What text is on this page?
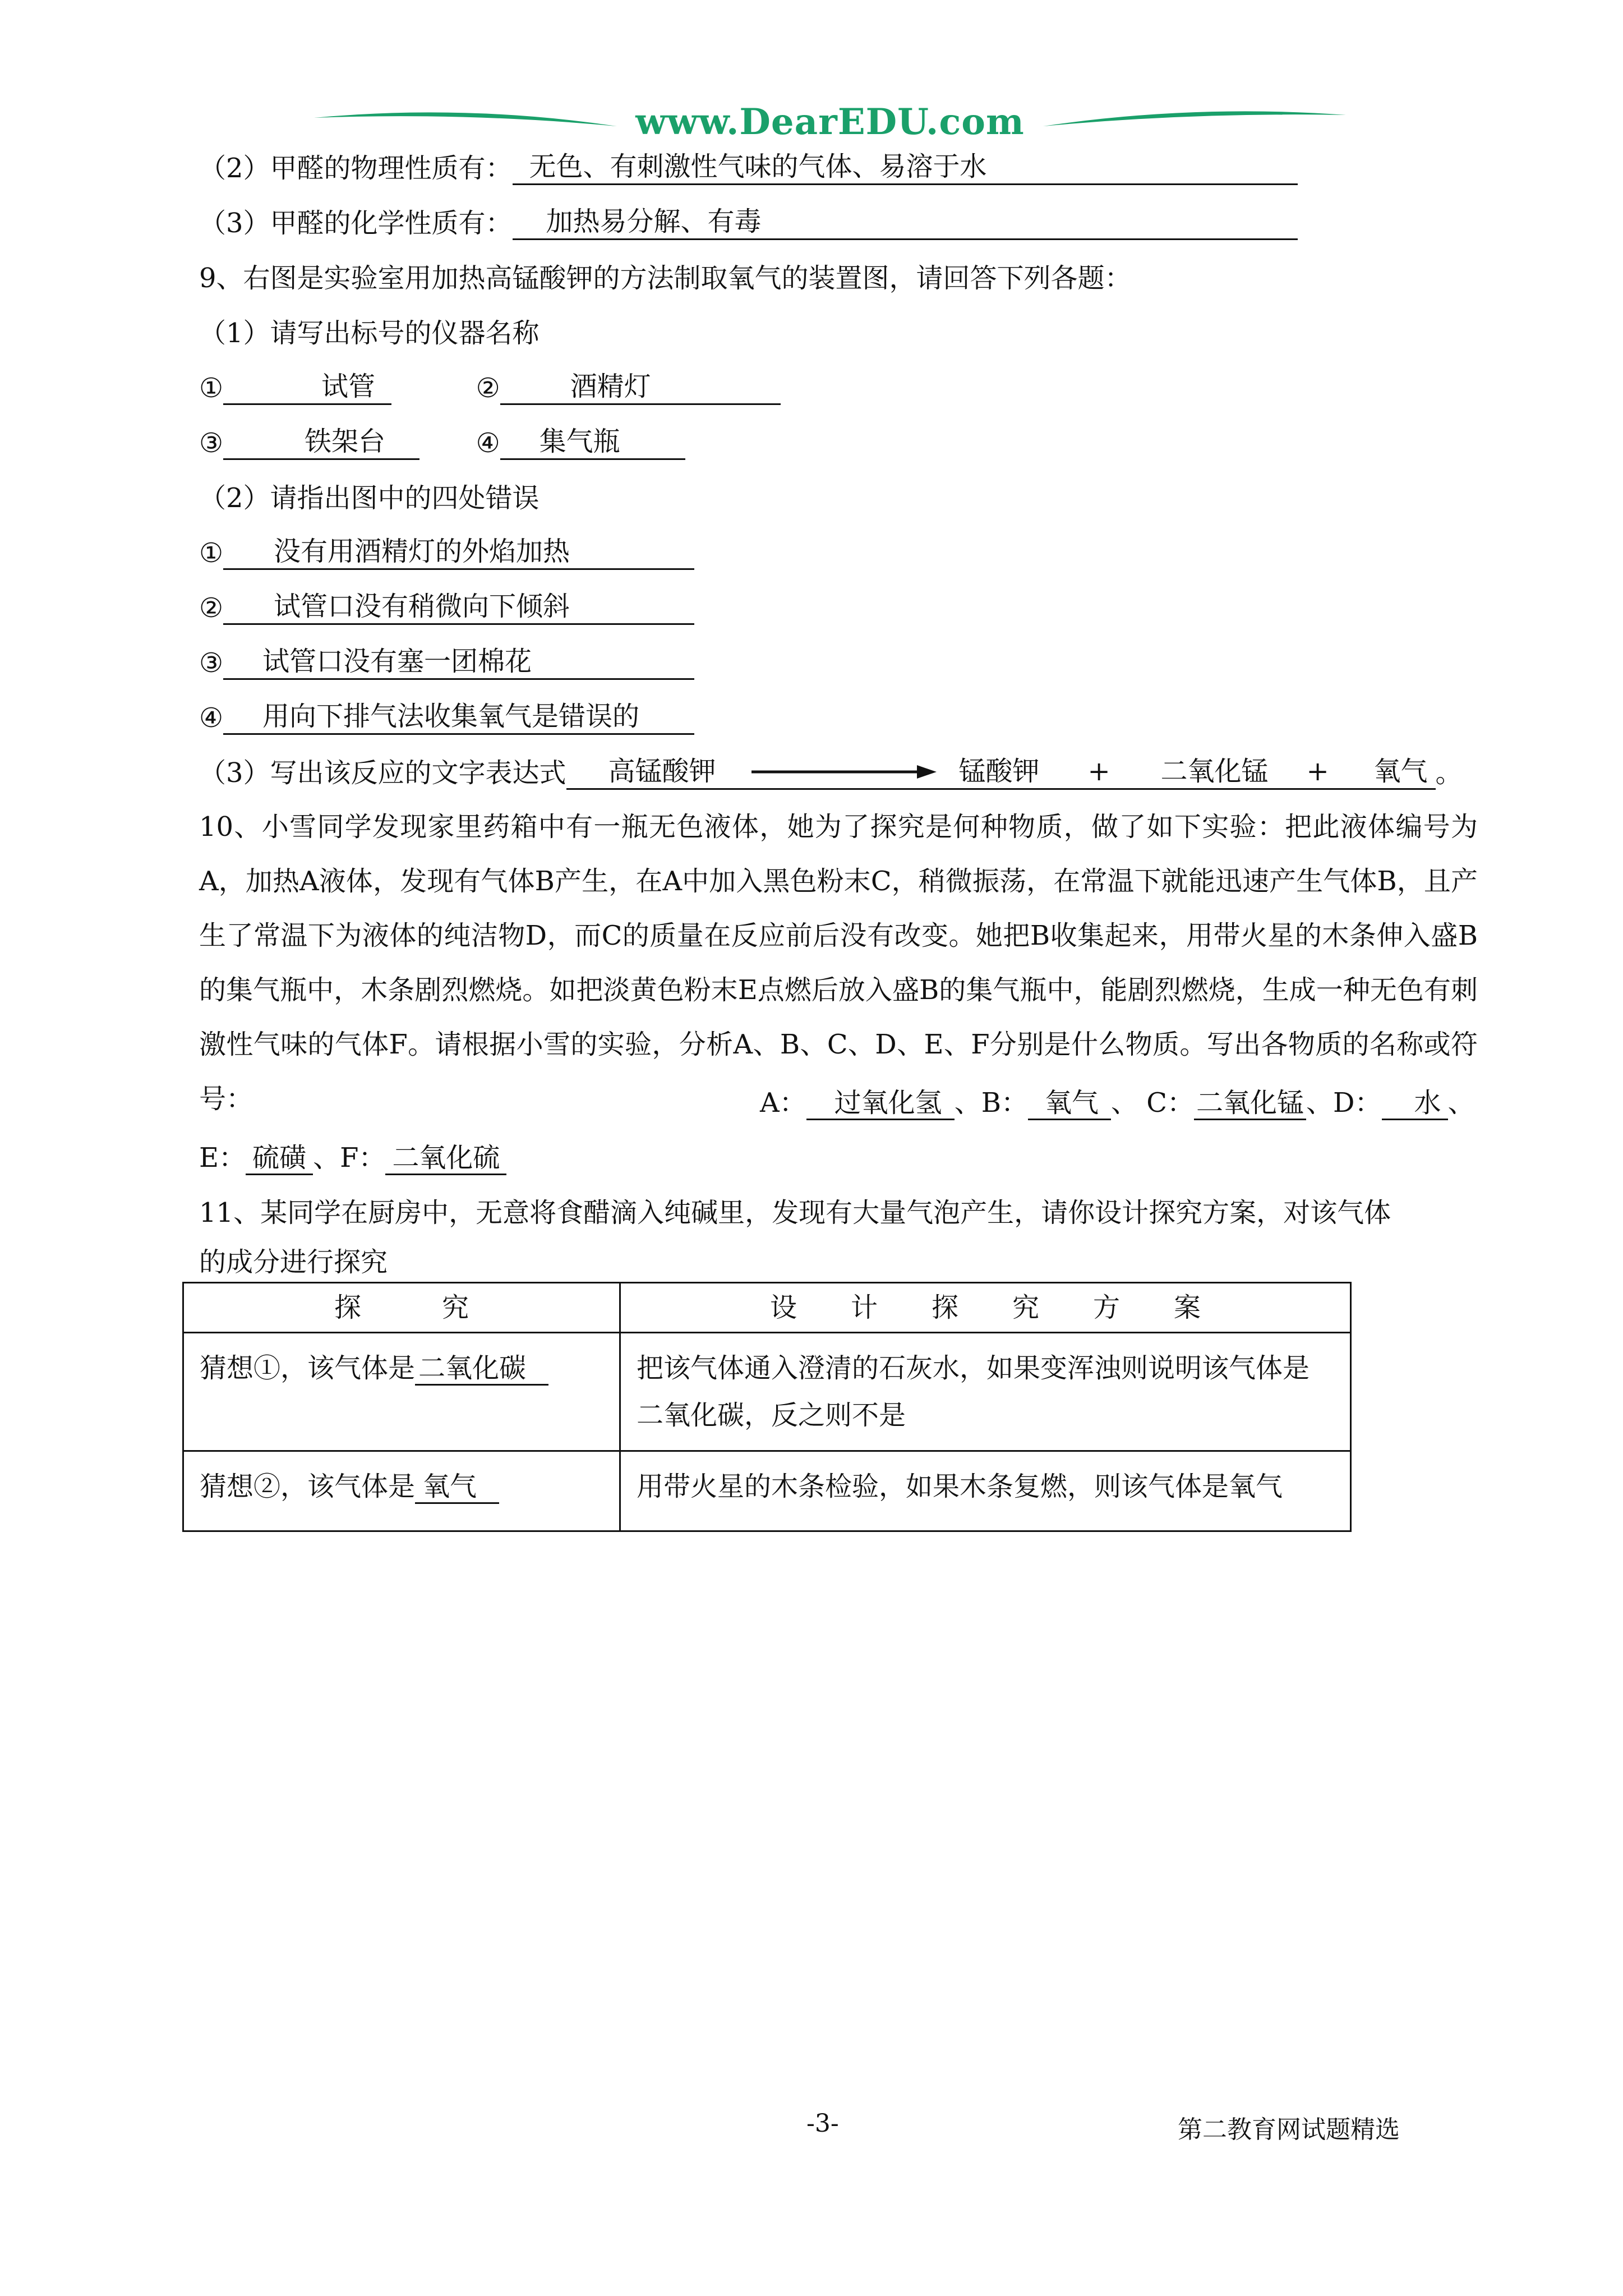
www.DearEDU.com
（2）甲醛的物理性质有： 无色、有刺激性气味的气体、易溶于水
（3）甲醛的化学性质有： 加热易分解、有毒
9、右图是实验室用加热高锰酸钾的方法制取氧气的装置图，请回答下列各题：
（1）请写出标号的仪器名称
①	试管	②	酒精灯
③	铁架台	④ 集气瓶
（2）请指出图中的四处错误
① 没有用酒精灯的外焰加热
② 试管口没有稍微向下倾斜
③ 试管口没有塞一团棉花
④ 用向下排气法收集氧气是错误的
（3）写出该反应的文字表达式 高锰酸钾	锰酸钾 + 二氧化锰 + 氧气 。
10、小雪同学发现家里药箱中有一瓶无色液体，她为了探究是何种物质，做了如下实验：把此液体编号为A，加热A液体，发现有气体B产生，在A中加入黑色粉末C，稍微振荡，在常温下就能迅速产生气体B，且产生了常温下为液体的纯洁物D，而C的质量在反应前后没有改变。她把B收集起来，用带火星的木条伸入盛B的集气瓶中，木条剧烈燃烧。如把淡黄色粉末E点燃后放入盛B的集气瓶中，能剧烈燃烧，生成一种无色有刺激性气味的气体F。请根据小雪的实验，分析A、B、C、D、E、F分别是什么物质。写出各物质的名称或符号：	A： 过氧化氢 、B： 氧气 、 C：二氧化锰、D： 水 、
E： 硫磺 、F： 二氧化硫
11、某同学在厨房中，无意将食醋滴入纯碱里，发现有大量气泡产生，请你设计探究方案，对该气体
的成分进行探究
探　　　究	设　　计　　探　　究　　方　　案
猜想①，该气体是 二氧化碳	把该气体通入澄清的石灰水，如果变浑浊则说明该气体是二氧化碳，反之则不是
猜想②，该气体是 氧气	用带火星的木条检验，如果木条复燃，则该气体是氧气
-3-	第二教育网试题精选
